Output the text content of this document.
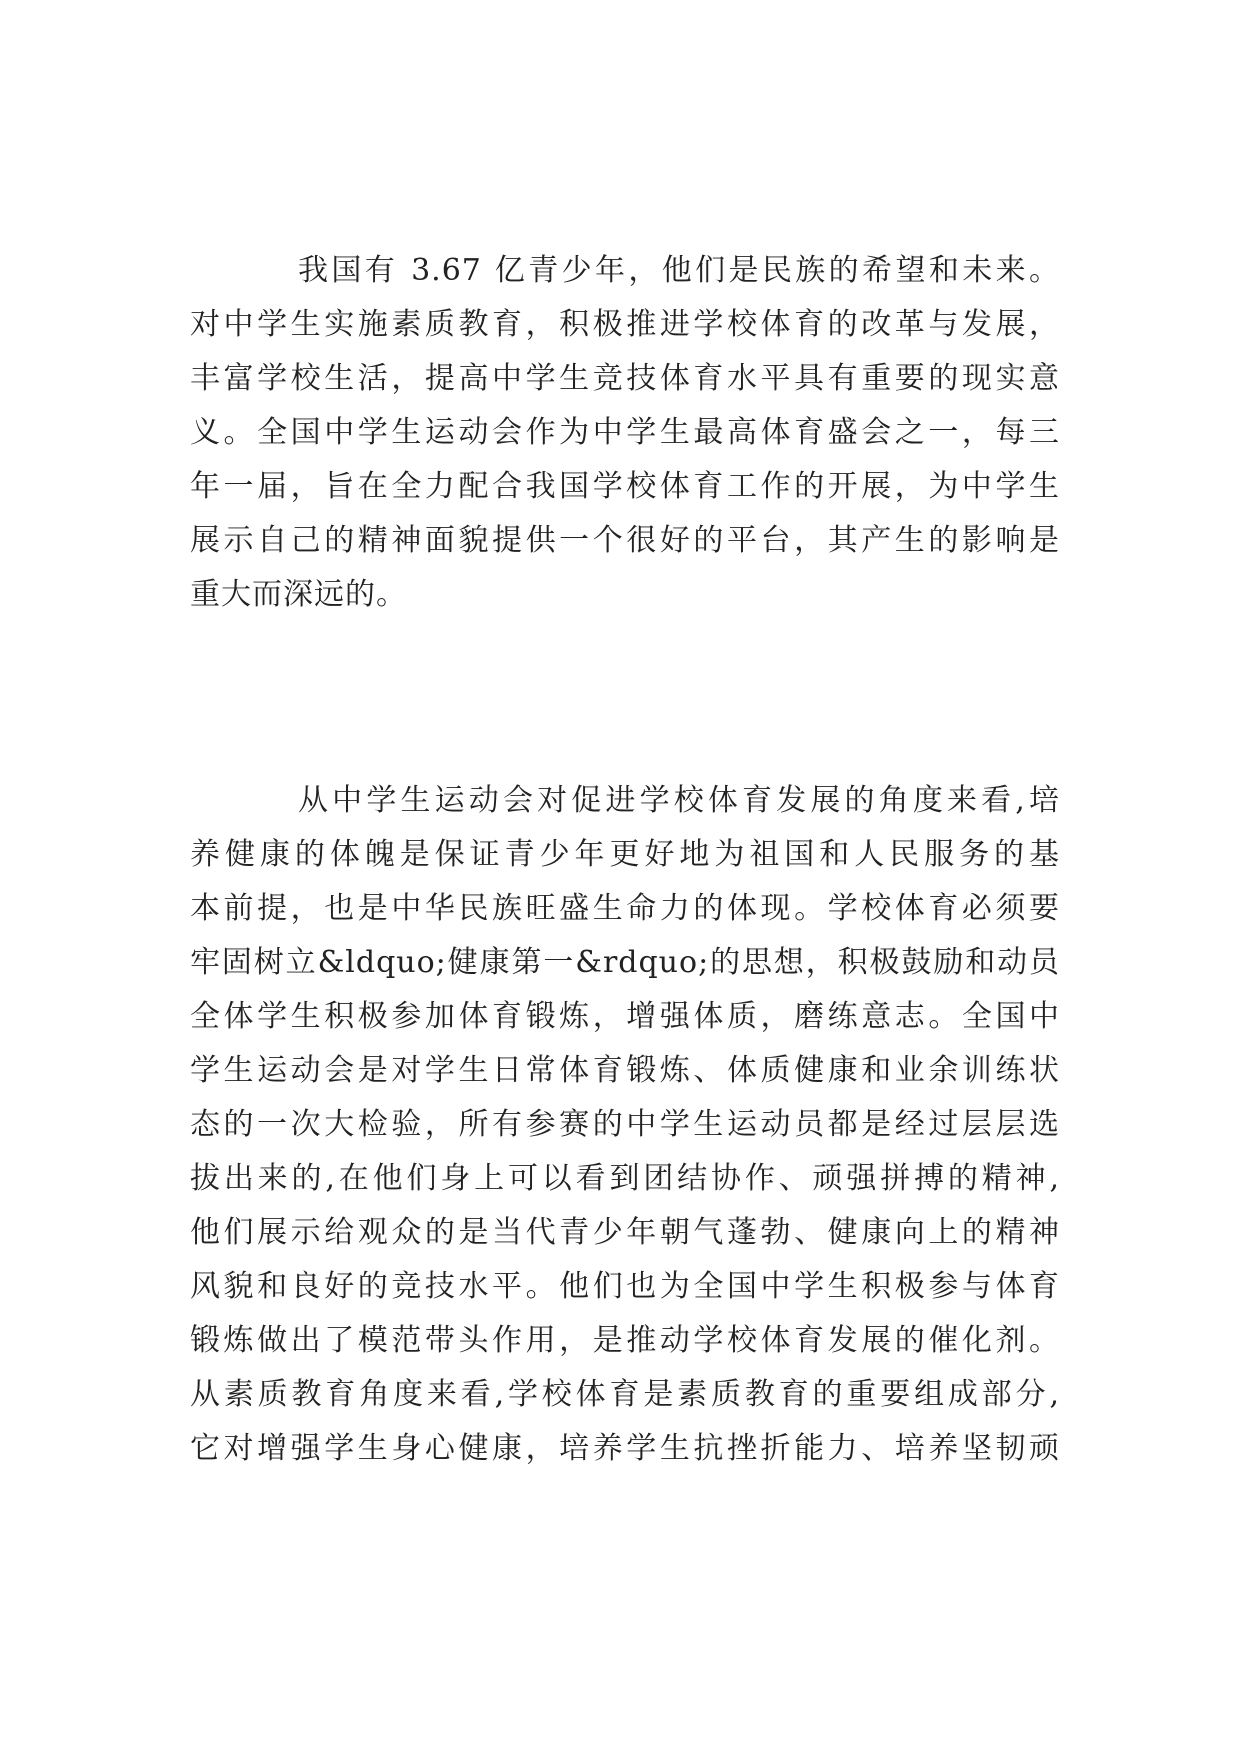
我国有 3.67 亿青少年，他们是民族的希望和未来。
对中学生实施素质教育，积极推进学校体育的改革与发展，
丰富学校生活，提高中学生竞技体育水平具有重要的现实意
义。全国中学生运动会作为中学生最高体育盛会之一，每三
年一届，旨在全力配合我国学校体育工作的开展，为中学生
展示自己的精神面貌提供一个很好的平台，其产生的影响是
重大而深远的。
从中学生运动会对促进学校体育发展的角度来看,培
养健康的体魄是保证青少年更好地为祖国和人民服务的基
本前提，也是中华民族旺盛生命力的体现。学校体育必须要
牢固树立&ldquo;健康第一&rdquo;的思想，积极鼓励和动员
全体学生积极参加体育锻炼，增强体质，磨练意志。全国中
学生运动会是对学生日常体育锻炼、体质健康和业余训练状
态的一次大检验，所有参赛的中学生运动员都是经过层层选
拔出来的,在他们身上可以看到团结协作、顽强拼搏的精神,
他们展示给观众的是当代青少年朝气蓬勃、健康向上的精神
风貌和良好的竞技水平。他们也为全国中学生积极参与体育
锻炼做出了模范带头作用，是推动学校体育发展的催化剂。
从素质教育角度来看,学校体育是素质教育的重要组成部分,
它对增强学生身心健康，培养学生抗挫折能力、培养坚韧顽
